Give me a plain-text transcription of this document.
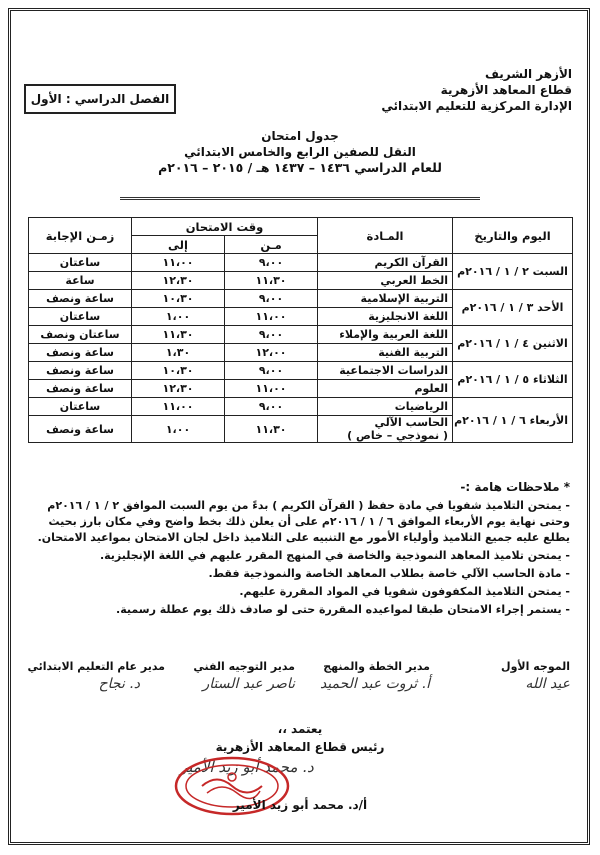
الأزهر الشريف
قطاع المعاهد الأزهرية
الإدارة المركزية للتعليم الابتدائي
الفصل الدراسي : الأول
جدول امتحان
النقل للصفين الرابع والخامس الابتدائي
للعام الدراسي ١٤٣٦ – ١٤٣٧ هـ / ٢٠١٥ – ٢٠١٦م
اليوم والتاريخ	المـادة	وقت الامتحان		زمـن الإجابة
		مـن	إلى	
السبت ٢ / ١ / ٢٠١٦م	القرآن الكريم	٩،٠٠	١١،٠٠	ساعتان

	الخط العربي	١١،٣٠	١٢،٣٠	ساعة
الأحد ٣ / ١ / ٢٠١٦م	التربية الإسلامية	٩،٠٠	١٠،٣٠	ساعة ونصف

	اللغة الانجليزية	١١،٠٠	١،٠٠	ساعتان
الاثنين ٤ / ١ / ٢٠١٦م	اللغة العربية والإملاء	٩،٠٠	١١،٣٠	ساعتان ونصف

	التربية الفنية	١٢،٠٠	١،٣٠	ساعة ونصف
الثلاثاء ٥ / ١ / ٢٠١٦م	الدراسات الاجتماعية	٩،٠٠	١٠،٣٠	ساعة ونصف

	العلوم	١١،٠٠	١٢،٣٠	ساعة ونصف
الأربعاء ٦ / ١ / ٢٠١٦م	الرياضيات	٩،٠٠	١١،٠٠	ساعتان

	الحاسب الآلي
( نموذجي – خاص )	١١،٣٠	١،٠٠	ساعة ونصف
* ملاحظات هامة :-

- يمتحن التلاميذ شفويا في مادة حفظ ( القرآن الكريم ) بدءً من يوم السبت الموافق ٢ / ١ / ٢٠١٦م وحتى نهاية يوم الأربعاء الموافق ٦ / ١ / ٢٠١٦م على أن يعلن ذلك بخط واضح وفي مكان بارز بحيث يطلع عليه جميع التلاميذ وأولياء الأمور مع التنبيه على التلاميذ داخل لجان الامتحان بمواعيد الامتحان.

- يمتحن تلاميذ المعاهد النموذجية والخاصة في المنهج المقرر عليهم في اللغة الإنجليزية.

- مادة الحاسب الآلي خاصة بطلاب المعاهد الخاصة والنموذجية فقط.

- يمتحن التلاميذ المكفوفون شفويا في المواد المقررة عليهم.

- يستمر إجراء الامتحان طبقا لمواعيده المقررة حتى لو صادف ذلك يوم عطلة رسمية.

الموجه الأول
عيد الله
مدير الخطة والمنهج
أ. ثروت عبد الحميد
مدير التوجيه الفني
ناصر عبد الستار
مدير عام التعليم الابتدائي
د. نجاح
يعتمد ،،
رئيس قطاع المعاهد الأزهرية
د. محمد أبو زيد الأمير
أ/د. محمد أبو زيد الأمير
